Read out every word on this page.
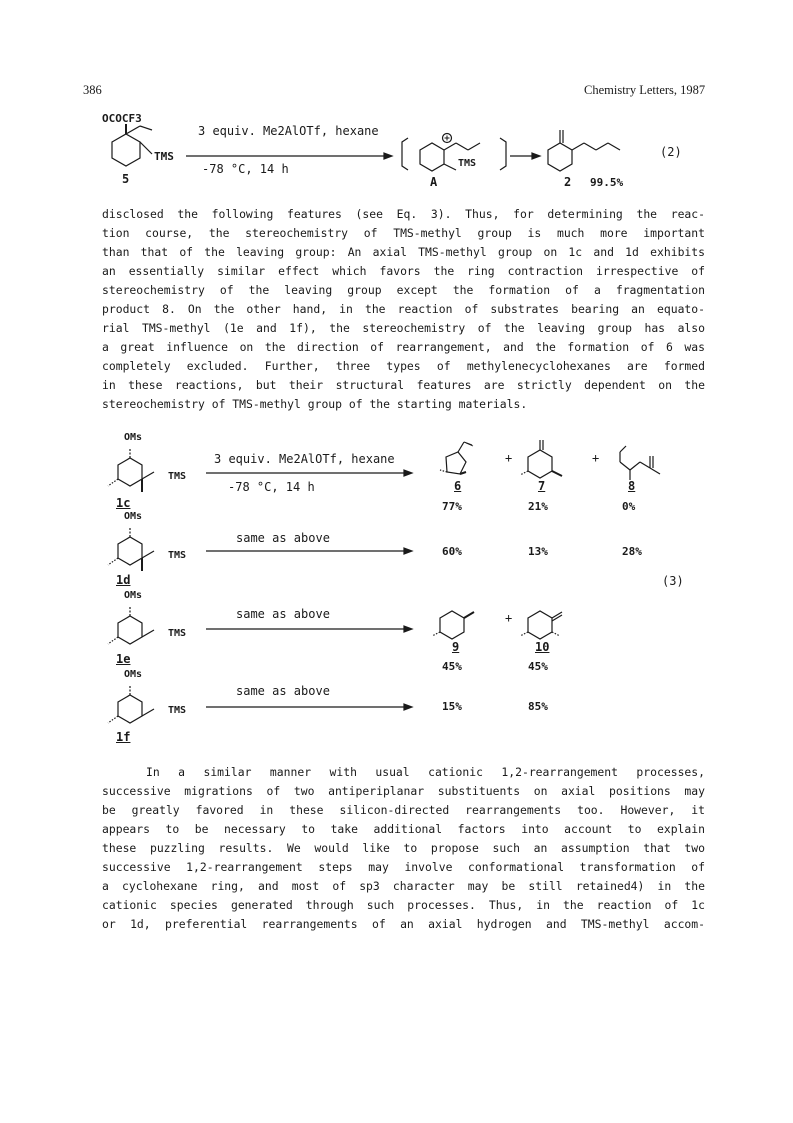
386	Chemistry Letters, 1987
OCOCF3
TMS
3 equiv. Me2AlOTf, hexane
-78 °C, 14 h
5
TMS
A	2 99.5%
(2)
disclosed the following features (see Eq. 3). Thus, for determining the reac-
tion course, the stereochemistry of TMS-methyl group is much more important
than that of the leaving group: An axial TMS-methyl group on 1c and 1d exhibits
an essentially similar effect which favors the ring contraction irrespective of
stereochemistry of the leaving group except the formation of a fragmentation
product 8. On the other hand, in the reaction of substrates bearing an equato-
rial TMS-methyl (1e and 1f), the stereochemistry of the leaving group has also
a great influence on the direction of rearrangement, and the formation of 6 was
completely excluded. Further, three types of methylenecyclohexanes are formed
in these reactions, but their structural features are strictly dependent on the
stereochemistry of TMS-methyl group of the starting materials.
OMs
TMS
1c
3 equiv. Me2AlOTf, hexane
-78 °C, 14 h
+	+
6	7	8
77%	21%	0%
OMs
TMS
1d
same as above
60%	13%	28%
(3)
OMs
TMS
1e
same as above	+
9	10
45%	45%
OMs
TMS
1f
same as above
15%	85%
In a similar manner with usual cationic 1,2-rearrangement processes,
successive migrations of two antiperiplanar substituents on axial positions may
be greatly favored in these silicon-directed rearrangements too. However, it
appears to be necessary to take additional factors into account to explain
these puzzling results. We would like to propose such an assumption that two
successive 1,2-rearrangement steps may involve conformational transformation of
a cyclohexane ring, and most of sp3 character may be still retained4) in the
cationic species generated through such processes. Thus, in the reaction of 1c
or 1d, preferential rearrangements of an axial hydrogen and TMS-methyl accom-
